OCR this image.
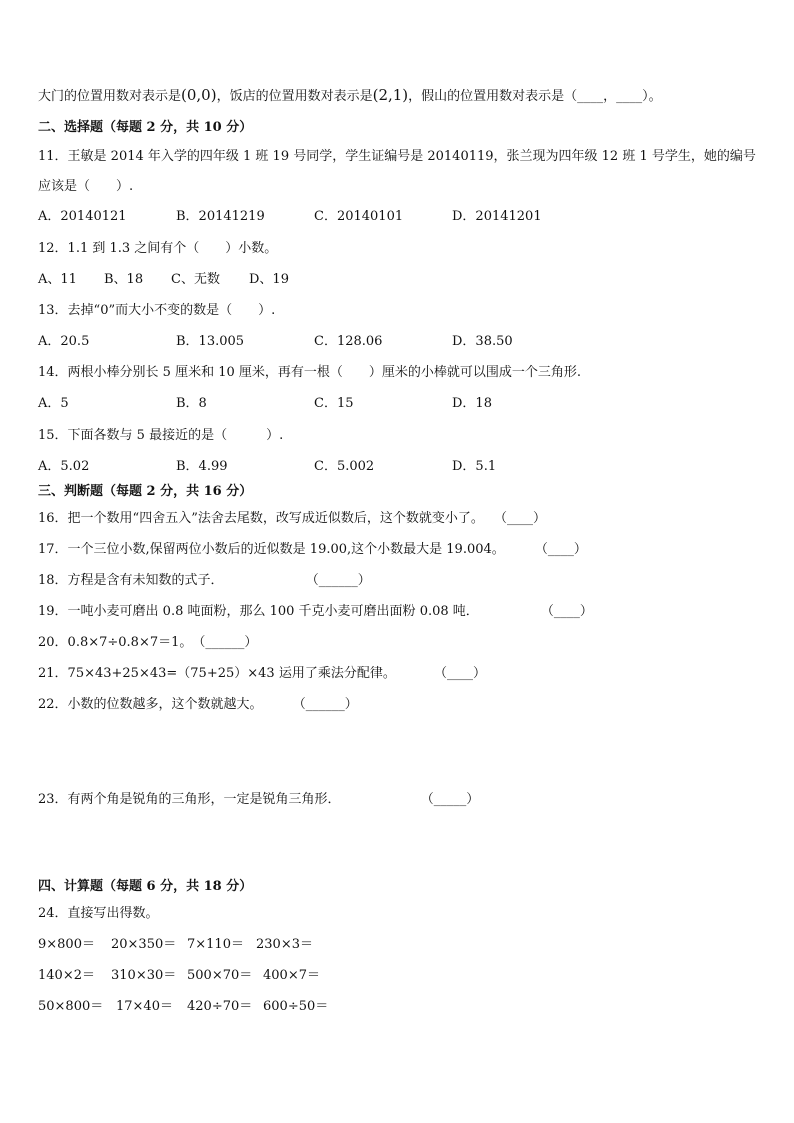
大门的位置用数对表示是(0,0)，饭店的位置用数对表示是(2,1)，假山的位置用数对表示是（____，____）。
二、选择题（每题 2 分，共 10 分）
11．王敏是 2014 年入学的四年级 1 班 19 号同学，学生证编号是 20140119，张兰现为四年级 12 班 1 号学生，她的编号
应该是（　　）.
A．20140121	B．20141219	C．20140101	D．20141201
12．1.1 到 1.3 之间有个（　　）小数。
A、11 B、18 C、无数 D、19
13．去掉“0”而大小不变的数是（　　）.
A．20.5	B．13.005	C．128.06	D．38.50
14．两根小棒分别长 5 厘米和 10 厘米，再有一根（　　）厘米的小棒就可以围成一个三角形.
A．5	B．8	C．15	D．18
15．下面各数与 5 最接近的是（　　　）.
A．5.02	B．4.99	C．5.002	D．5.1
三、判断题（每题 2 分，共 16 分）
16．把一个数用“四舍五入”法舍去尾数，改写成近似数后，这个数就变小了。 （____）
17．一个三位小数,保留两位小数后的近似数是 19.00,这个小数最大是 19.004。 （____）
18．方程是含有未知数的式子．	（______）
19．一吨小麦可磨出 0.8 吨面粉，那么 100 千克小麦可磨出面粉 0.08 吨．	（____）
20．0.8×7÷0.8×7＝1。（______）
21．75×43+25×43=（75+25）×43 运用了乘法分配律。	（____）
22．小数的位数越多，这个数就越大。 （______）
23．有两个角是锐角的三角形，一定是锐角三角形．	（_____）
四、计算题（每题 6 分，共 18 分）
24．直接写出得数。
9×800＝ 20×350＝ 7×110＝ 230×3＝
140×2＝ 310×30＝ 500×70＝ 400×7＝
50×800＝ 17×40＝ 420÷70＝ 600÷50＝
